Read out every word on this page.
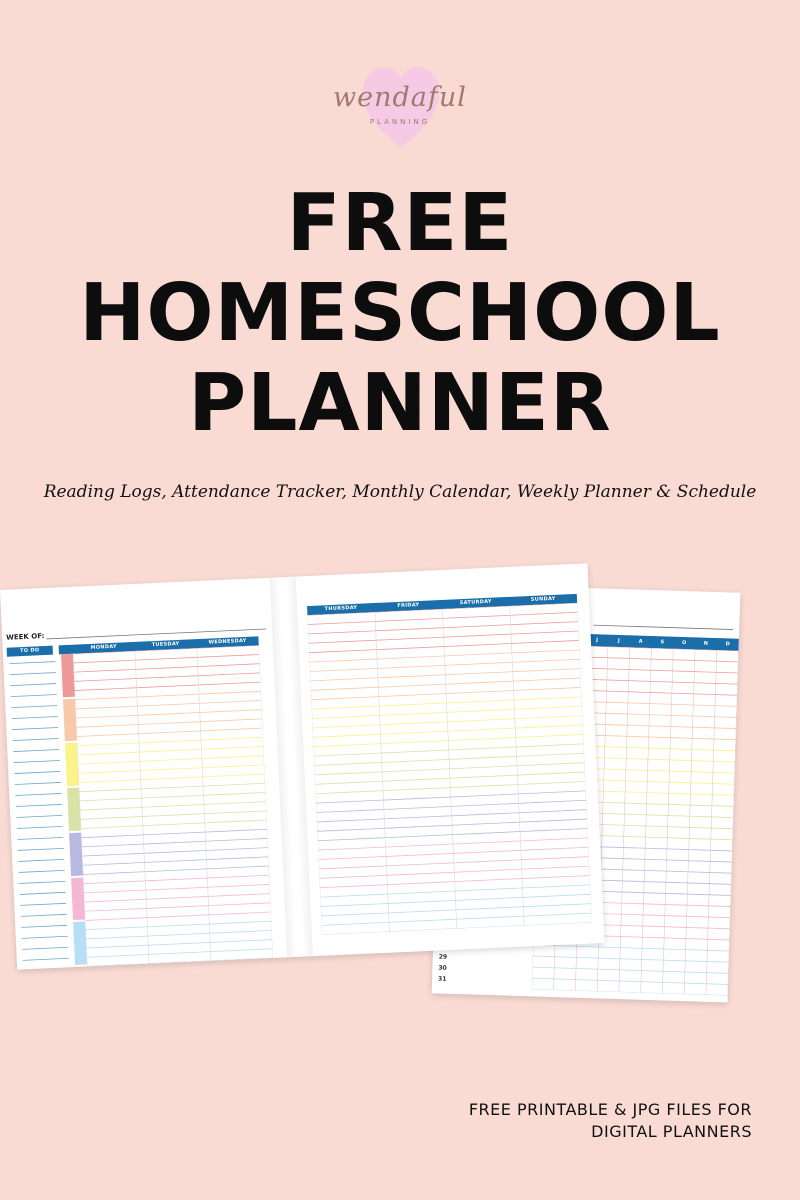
wendaful
PLANNING
FREE
HOMESCHOOL
PLANNER
Reading Logs, Attendance Tracker, Monthly Calendar, Weekly Planner & Schedule
J	J	A	S	O	N	D
29
30
31
WEEK OF:
TO DO	MONDAY	TUESDAY	WEDNESDAY
THURSDAY	FRIDAY	SATURDAY	SUNDAY
FREE PRINTABLE & JPG FILES FOR
DIGITAL PLANNERS
